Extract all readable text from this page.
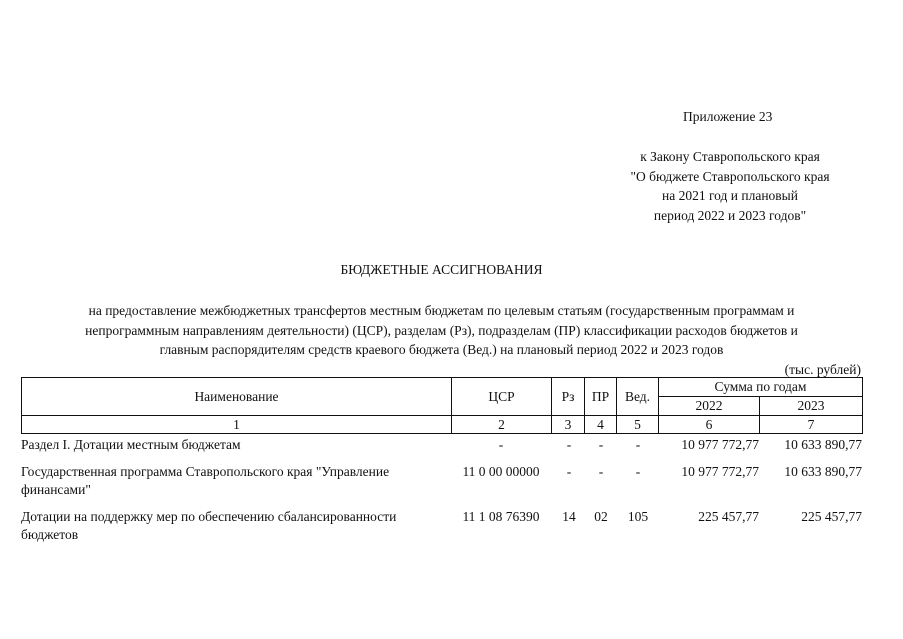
Приложение 23
к Закону Ставропольского края
"О бюджете Ставропольского края
на 2021 год и плановый
период 2022 и 2023 годов"
БЮДЖЕТНЫЕ АССИГНОВАНИЯ
на предоставление межбюджетных трансфертов местным бюджетам по целевым статьям (государственным программам и
непрограммным направлениям деятельности) (ЦСР), разделам (Рз), подразделам (ПР) классификации расходов бюджетов и
главным распорядителям средств краевого бюджета (Вед.) на плановый период 2022 и 2023 годов
(тыс. рублей)
Наименование	ЦСР	Рз	ПР	Вед.	Сумма по годам	
					2022	2023
1	2	3	4	5	6	7
Раздел I. Дотации местным бюджетам	-	-	-	-	10 977 772,77	10 633 890,77
Государственная программа Ставропольского края "Управление
финансами"
11 0 00 00000	-	-	-	10 977 772,77	10 633 890,77
Дотации на поддержку мер по обеспечению сбалансированности
бюджетов
11 1 08 76390	14	02	105	225 457,77	225 457,77
